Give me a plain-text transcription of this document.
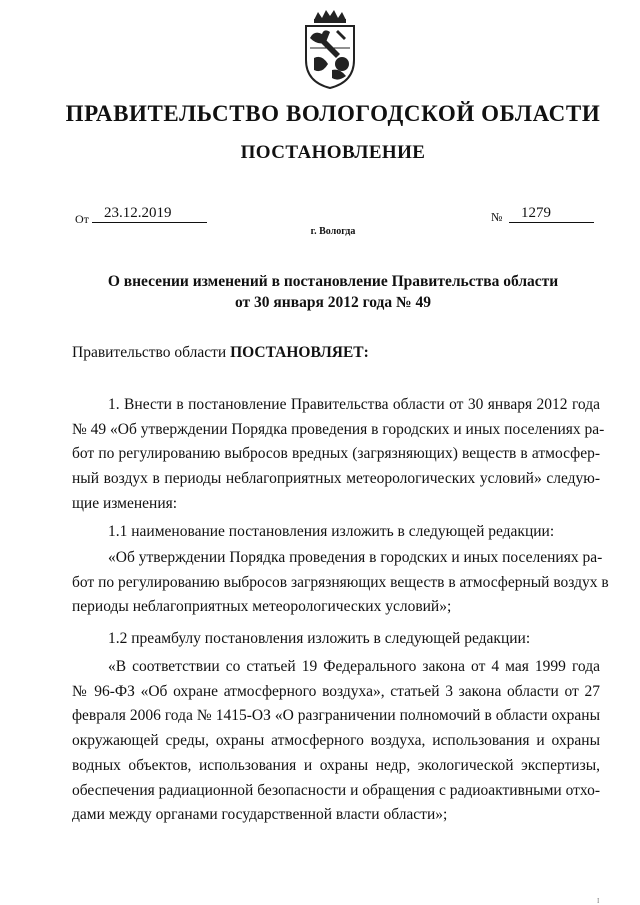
ПРАВИТЕЛЬСТВО ВОЛОГОДСКОЙ ОБЛАСТИ
ПОСТАНОВЛЕНИЕ
От	23.12.2019	№	1279
г. Вологда
О внесении изменений в постановление Правительства области
от 30 января 2012 года № 49
Правительство области ПОСТАНОВЛЯЕТ:
1. Внести в постановление Правительства области от 30 января 2012 года
№ 49 «Об утверждении Порядка проведения в городских и иных поселениях ра-
бот по регулированию выбросов вредных (загрязняющих) веществ в атмосфер-
ный воздух в периоды неблагоприятных метеорологических условий» следую-
щие изменения:
1.1 наименование постановления изложить в следующей редакции:
«Об утверждении Порядка проведения в городских и иных поселениях ра-
бот по регулированию выбросов загрязняющих веществ в атмосферный воздух в
периоды неблагоприятных метеорологических условий»;
1.2 преамбулу постановления изложить в следующей редакции:
«В соответствии со статьей 19 Федерального закона от 4 мая 1999 года
№ 96-ФЗ «Об охране атмосферного воздуха», статьей 3 закона области от 27
февраля 2006 года № 1415-ОЗ «О разграничении полномочий в области охраны
окружающей среды, охраны атмосферного воздуха, использования и охраны
водных объектов, использования и охраны недр, экологической экспертизы,
обеспечения радиационной безопасности и обращения с радиоактивными отхо-
дами между органами государственной власти области»;
I
